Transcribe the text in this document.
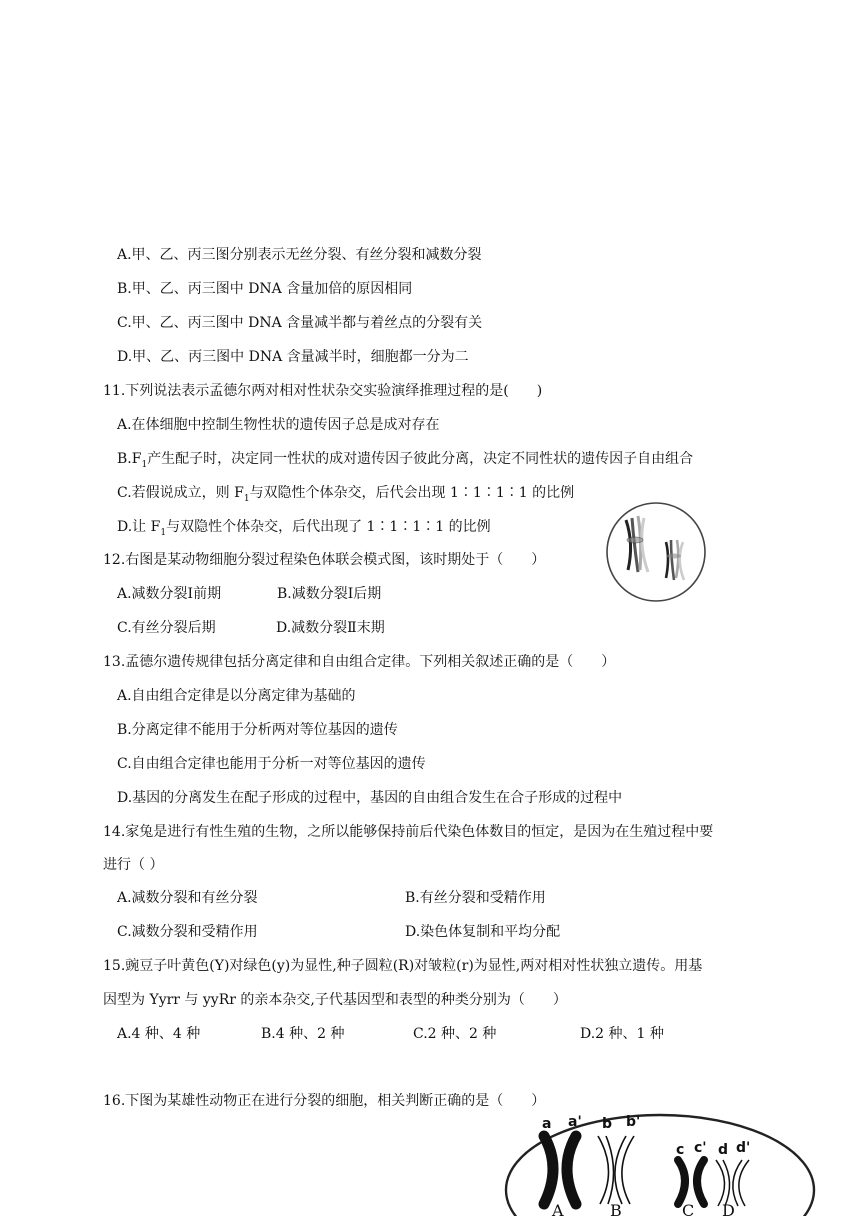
A.甲、乙、丙三图分别表示无丝分裂、有丝分裂和减数分裂
B.甲、乙、丙三图中 DNA 含量加倍的原因相同
C.甲、乙、丙三图中 DNA 含量减半都与着丝点的分裂有关
D.甲、乙、丙三图中 DNA 含量减半时，细胞都一分为二
11.下列说法表示孟德尔两对相对性状杂交实验演绎推理过程的是(　　)
A.在体细胞中控制生物性状的遗传因子总是成对存在
$B.F_1$产生配子时，决定同一性状的成对遗传因子彼此分离，决定不同性状的遗传因子自由组合
C.若假说成立，则 $F_1$与双隐性个体杂交，后代会出现 1∶1∶1∶1 的比例
D.让 $F_1$与双隐性个体杂交，后代出现了 1∶1∶1∶1 的比例
12.右图是某动物细胞分裂过程染色体联会模式图，该时期处于（　　）
A.减数分裂Ⅰ前期	B.减数分裂Ⅰ后期
C.有丝分裂后期	D.减数分裂Ⅱ末期
13.孟德尔遗传规律包括分离定律和自由组合定律。下列相关叙述正确的是（　　）
A.自由组合定律是以分离定律为基础的
B.分离定律不能用于分析两对等位基因的遗传
C.自由组合定律也能用于分析一对等位基因的遗传
D.基因的分离发生在配子形成的过程中，基因的自由组合发生在合子形成的过程中
14.家兔是进行有性生殖的生物，之所以能够保持前后代染色体数目的恒定，是因为在生殖过程中要
进行（ ）
A.减数分裂和有丝分裂	B.有丝分裂和受精作用
C.减数分裂和受精作用	D.染色体复制和平均分配
15.豌豆子叶黄色(Y)对绿色(y)为显性,种子圆粒(R)对皱粒(r)为显性,两对相对性状独立遗传。用基
因型为 Yyrr 与 yyRr 的亲本杂交,子代基因型和表型的种类分别为（　　）
A.4 种、4 种	B.4 种、2 种	C.2 种、2 种	D.2 种、1 种
16.下图为某雄性动物正在进行分裂的细胞，相关判断正确的是（　　）
a a' b b'
c c' d d'
A	B	C D
